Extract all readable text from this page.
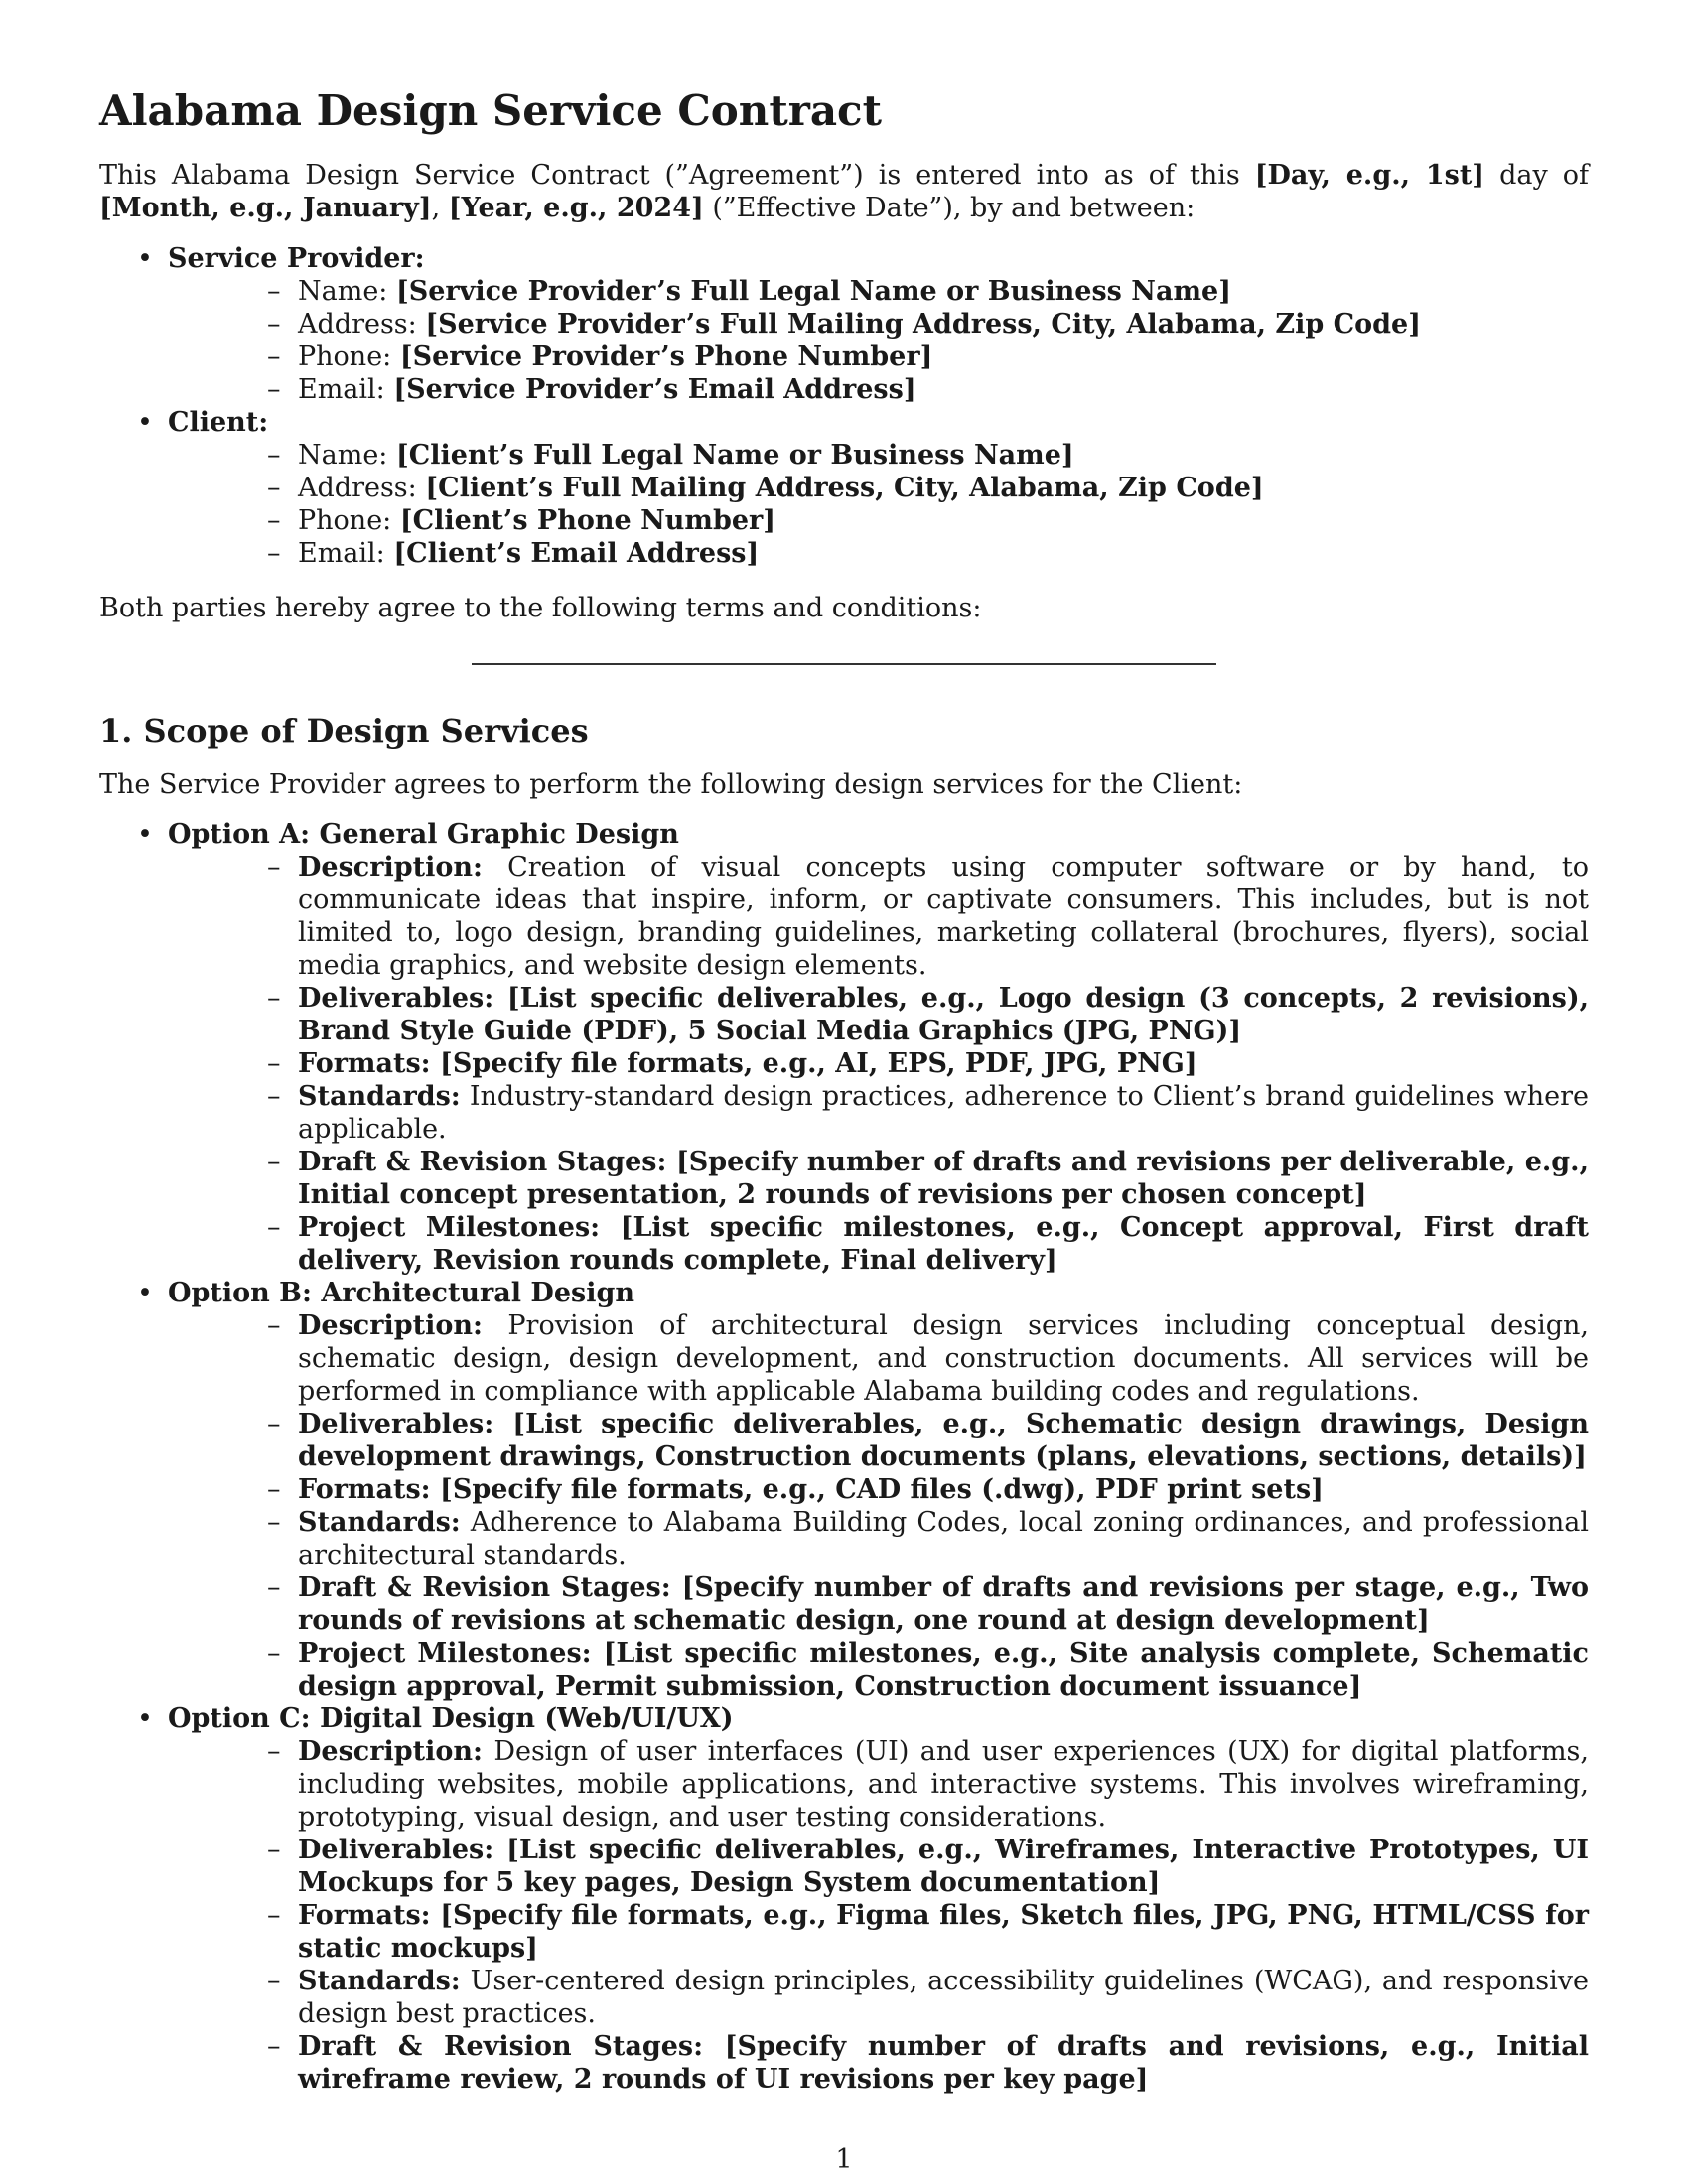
Alabama Design Service Contract

This Alabama Design Service Contract (”Agreement”) is entered into as of this [Day, e.g., 1st] day of [Month, e.g., January], [Year, e.g., 2024] (”Effective Date”), by and between:

• Service Provider:
– Name: [Service Provider’s Full Legal Name or Business Name]
– Address: [Service Provider’s Full Mailing Address, City, Alabama, Zip Code]
– Phone: [Service Provider’s Phone Number]
– Email: [Service Provider’s Email Address]
• Client:
– Name: [Client’s Full Legal Name or Business Name]
– Address: [Client’s Full Mailing Address, City, Alabama, Zip Code]
– Phone: [Client’s Phone Number]
– Email: [Client’s Email Address]

Both parties hereby agree to the following terms and conditions:

1. Scope of Design Services

The Service Provider agrees to perform the following design services for the Client:

• Option A: General Graphic Design
– Description: Creation of visual concepts using computer software or by hand, to communicate ideas that inspire, inform, or captivate consumers. This includes, but is not limited to, logo design, branding guidelines, marketing collateral (brochures, flyers), social media graphics, and website design elements.
– Deliverables: [List specific deliverables, e.g., Logo design (3 concepts, 2 revisions), Brand Style Guide (PDF), 5 Social Media Graphics (JPG, PNG)]
– Formats: [Specify file formats, e.g., AI, EPS, PDF, JPG, PNG]
– Standards: Industry-standard design practices, adherence to Client’s brand guidelines where applicable.
– Draft & Revision Stages: [Specify number of drafts and revisions per deliverable, e.g., Initial concept presentation, 2 rounds of revisions per chosen concept]
– Project Milestones: [List specific milestones, e.g., Concept approval, First draft delivery, Revision rounds complete, Final delivery]
• Option B: Architectural Design
– Description: Provision of architectural design services including conceptual design, schematic design, design development, and construction documents. All services will be performed in compliance with applicable Alabama building codes and regulations.
– Deliverables: [List specific deliverables, e.g., Schematic design drawings, Design development drawings, Construction documents (plans, elevations, sections, details)]
– Formats: [Specify file formats, e.g., CAD files (.dwg), PDF print sets]
– Standards: Adherence to Alabama Building Codes, local zoning ordinances, and professional architectural standards.
– Draft & Revision Stages: [Specify number of drafts and revisions per stage, e.g., Two rounds of revisions at schematic design, one round at design development]
– Project Milestones: [List specific milestones, e.g., Site analysis complete, Schematic design approval, Permit submission, Construction document issuance]
• Option C: Digital Design (Web/UI/UX)
– Description: Design of user interfaces (UI) and user experiences (UX) for digital platforms, including websites, mobile applications, and interactive systems. This involves wireframing, prototyping, visual design, and user testing considerations.
– Deliverables: [List specific deliverables, e.g., Wireframes, Interactive Prototypes, UI Mockups for 5 key pages, Design System documentation]
– Formats: [Specify file formats, e.g., Figma files, Sketch files, JPG, PNG, HTML/CSS for static mockups]
– Standards: User-centered design principles, accessibility guidelines (WCAG), and responsive design best practices.
– Draft & Revision Stages: [Specify number of drafts and revisions, e.g., Initial wireframe review, 2 rounds of UI revisions per key page]
1
